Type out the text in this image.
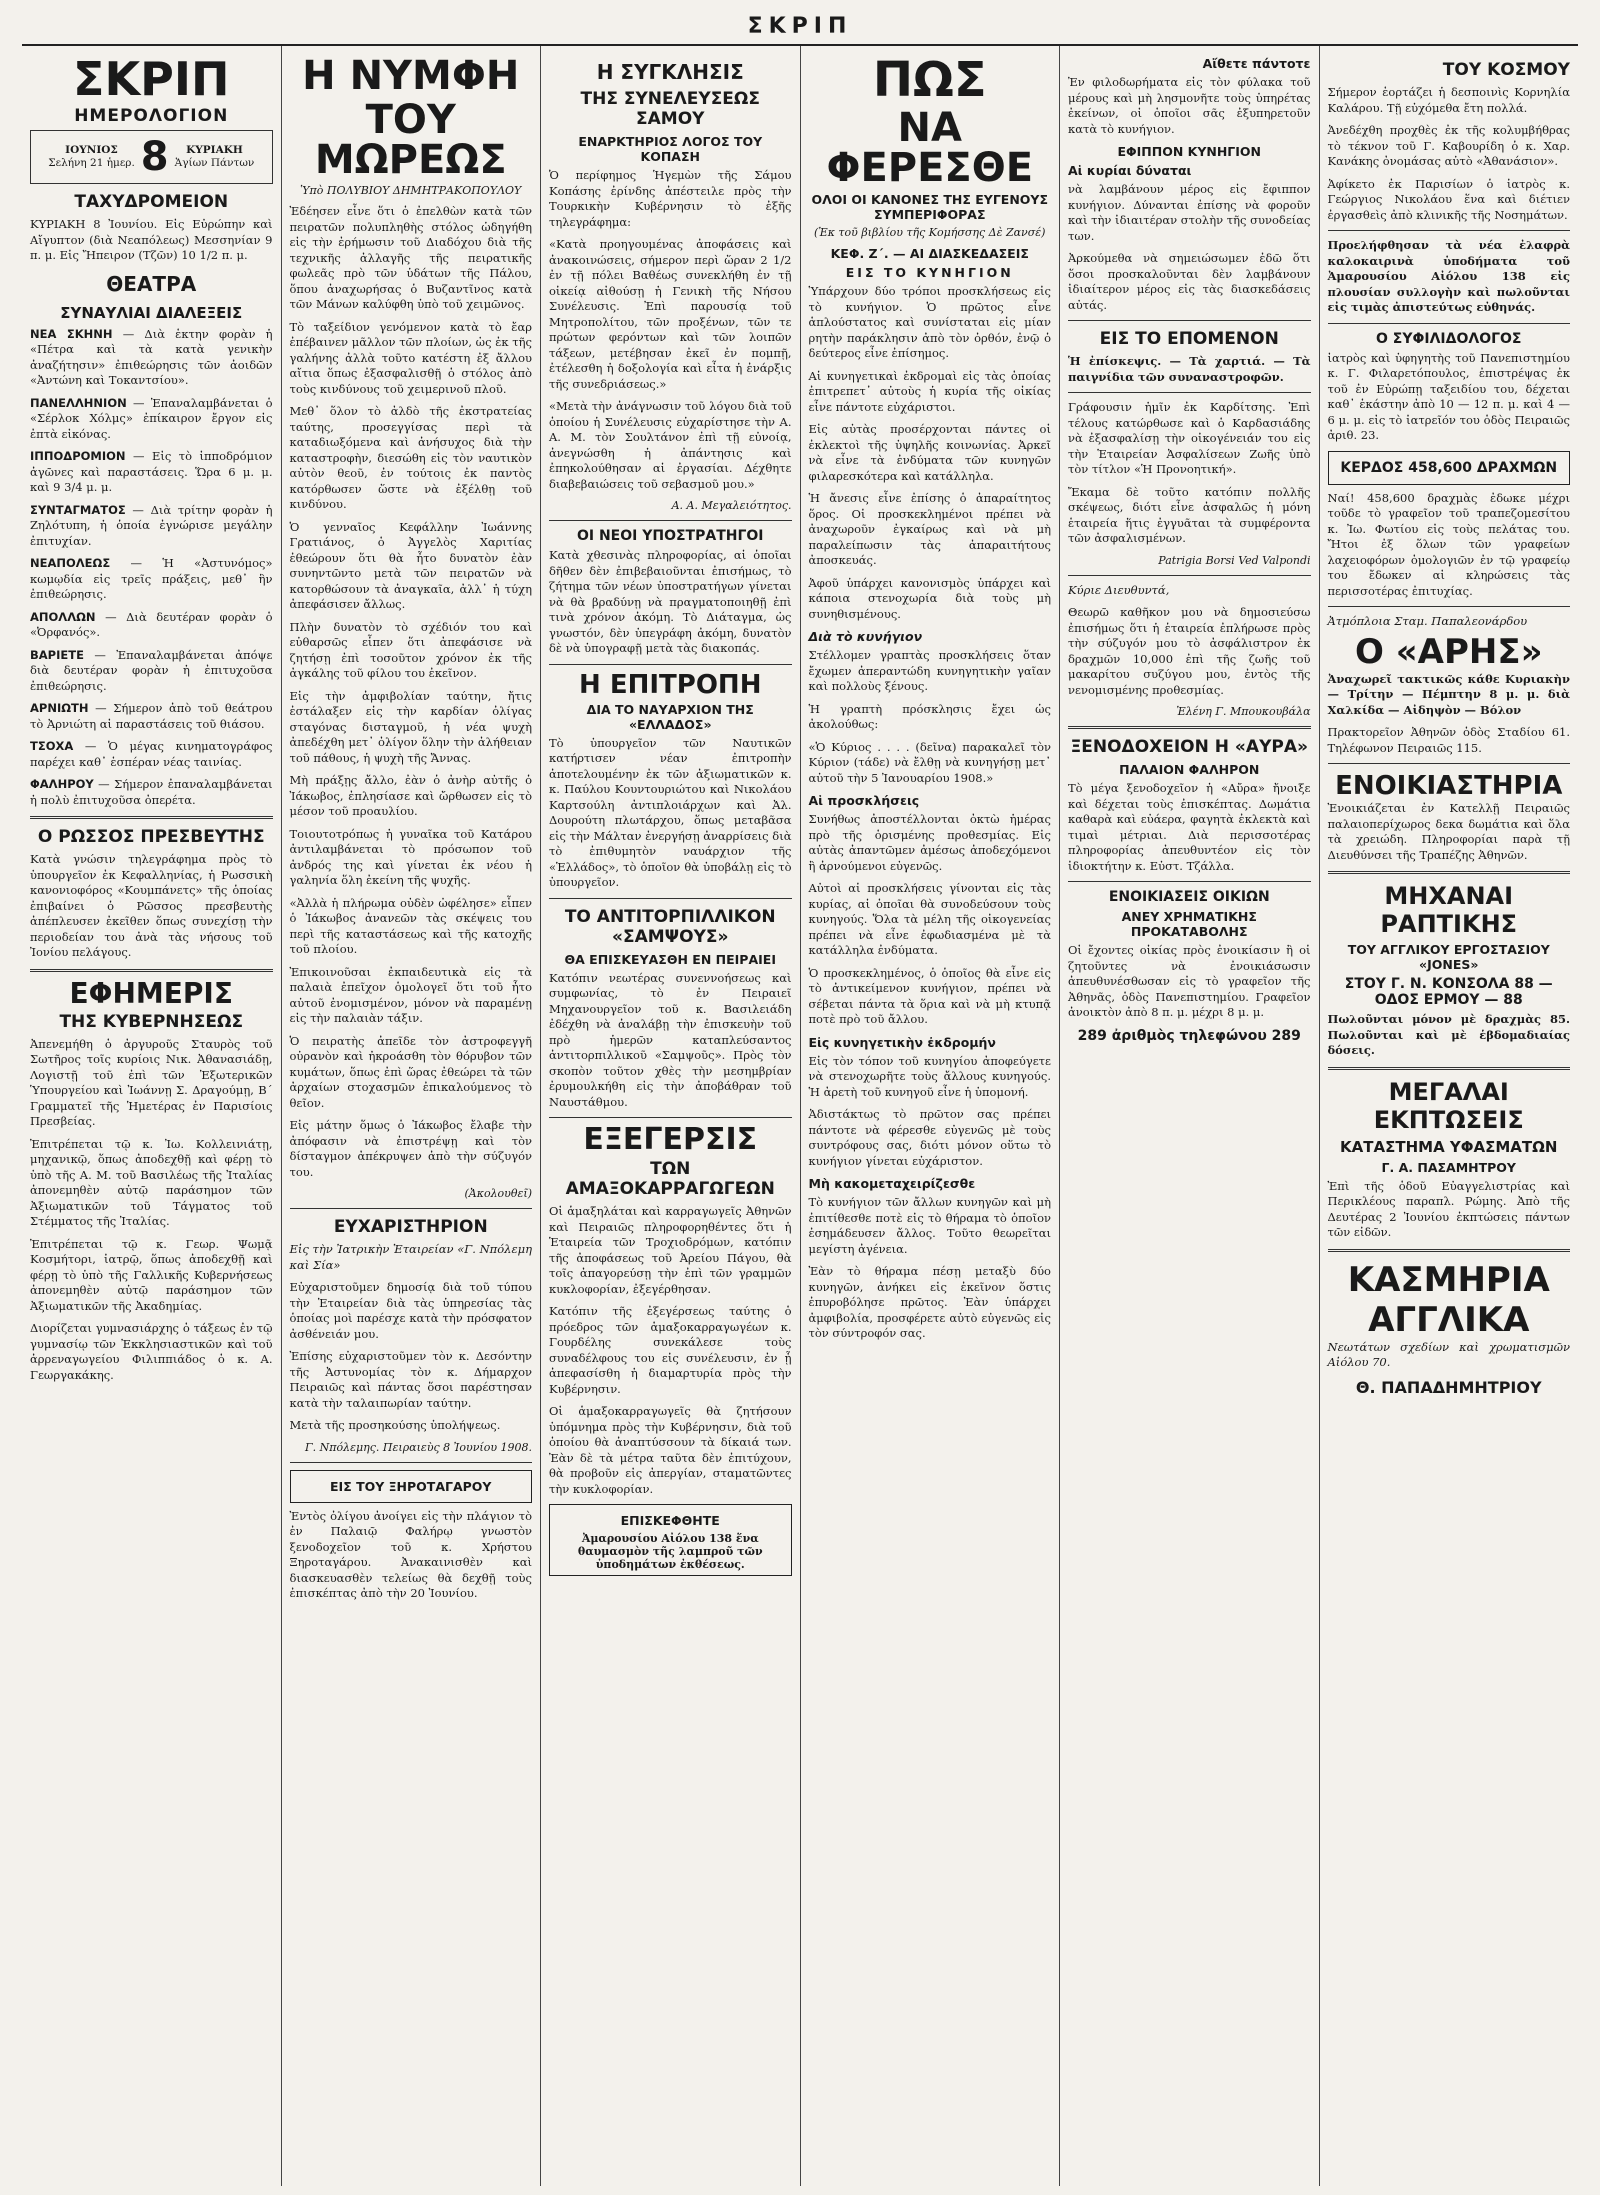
ΣΚΡΙΠ
ΣΚΡΙΠ
ΗΜΕΡΟΛΟΓΙΟΝ
ΙΟΥΝΙΟΣ
Σελήνη 21 ἡμερ. 8	ΚΥΡΙΑΚΗ
Ἁγίων Πάντων
ΤΑΧΥΔΡΟΜΕΙΟΝ

ΚΥΡΙΑΚΗ 8 Ἰουνίου. Εἰς Εὐρώπην καὶ Αἴγυπτον (διὰ Νεαπόλεως) Μεσσηνίαν 9 π. μ. Εἰς Ἤπειρον (Τζῶν) 10 1/2 π. μ.

ΘΕΑΤΡΑ
ΣΥΝΑΥΛΙΑΙ ΔΙΑΛΕΞΕΙΣ

ΝΕΑ ΣΚΗΝΗ — Διὰ ἑκτην φορὰν ἡ «Πέτρα καὶ τὰ κατὰ γενικὴν ἀναζήτησιν» ἐπιθεώρησις τῶν ἀοιδῶν «Ἀντώνη καὶ Τοκαντσίου».

ΠΑΝΕΛΛΗΝΙΟΝ — Ἐπαναλαμβάνεται ὁ «Σέρλοκ Χόλμς» ἐπίκαιρον ἔργον εἰς ἐπτὰ εἰκόνας.

ΙΠΠΟΔΡΟΜΙΟΝ — Εἰς τὸ ἱπποδρόμιον ἀγῶνες καὶ παραστάσεις. Ὥρα 6 μ. μ. καὶ 9 3/4 μ. μ.

ΣΥΝΤΑΓΜΑΤΟΣ — Διὰ τρίτην φορὰν ἡ Ζηλότυπη, ἡ ὁποία ἐγνώρισε μεγάλην ἐπιτυχίαν.

ΝΕΑΠΟΛΕΩΣ — Ἡ «Ἀστυνόμος» κωμῳδία εἰς τρεῖς πράξεις, μεθ᾽ ἣν ἐπιθεώρησις.

ΑΠΟΛΛΩΝ — Διὰ δευτέραν φορὰν ὁ «Ὀρφανός».

ΒΑΡΙΕΤΕ — Ἐπαναλαμβάνεται ἀπόψε διὰ δευτέραν φορὰν ἡ ἐπιτυχοῦσα ἐπιθεώρησις.

ΑΡΝΙΩΤΗ — Σήμερον ἀπὸ τοῦ θεάτρου τὸ Ἀρνιώτη αἱ παραστάσεις τοῦ θιάσου.

ΤΣΟΧΑ — Ὁ μέγας κινηματογράφος παρέχει καθ᾽ ἑσπέραν νέας ταινίας.

ΦΑΛΗΡΟΥ — Σήμερον ἐπαναλαμβάνεται ἡ πολὺ ἐπιτυχοῦσα ὀπερέτα.

Ο ΡΩΣΣΟΣ ΠΡΕΣΒΕΥΤΗΣ

Κατὰ γνώσιν τηλεγράφημα πρὸς τὸ ὑπουργεῖον ἐκ Κεφαλληνίας, ἡ Ρωσσικὴ κανονιοφόρος «Κουμπάνετς» τῆς ὁποίας ἐπιβαίνει ὁ Ρῶσσος πρεσβευτὴς ἀπέπλευσεν ἐκεῖθεν ὅπως συνεχίσῃ τὴν περιοδείαν του ἀνὰ τὰς νήσους τοῦ Ἰονίου πελάγους.

ΕΦΗΜΕΡΙΣ
ΤΗΣ ΚΥΒΕΡΝΗΣΕΩΣ

Ἀπενεμήθη ὁ ἀργυροῦς Σταυρὸς τοῦ Σωτῆρος τοῖς κυρίοις Νικ. Ἀθανασιάδῃ, Λογιστῇ τοῦ ἐπὶ τῶν Ἐξωτερικῶν Ὑπουργείου καὶ Ἰωάννῃ Σ. Δραγούμῃ, Β´ Γραμματεῖ τῆς Ἡμετέρας ἐν Παρισίοις Πρεσβείας.

Ἐπιτρέπεται τῷ κ. Ἰω. Κολλεινιάτῃ, μηχανικῷ, ὅπως ἀποδεχθῇ καὶ φέρῃ τὸ ὑπὸ τῆς Α. Μ. τοῦ Βασιλέως τῆς Ἰταλίας ἀπονεμηθὲν αὐτῷ παράσημον τῶν Ἀξιωματικῶν τοῦ Τάγματος τοῦ Στέμματος τῆς Ἰταλίας.

Ἐπιτρέπεται τῷ κ. Γεωρ. Ψωμᾷ Κοσμήτορι, ἰατρῷ, ὅπως ἀποδεχθῇ καὶ φέρῃ τὸ ὑπὸ τῆς Γαλλικῆς Κυβερνήσεως ἀπονεμηθὲν αὐτῷ παράσημον τῶν Ἀξιωματικῶν τῆς Ἀκαδημίας.

Διορίζεται γυμνασιάρχης ὁ τάξεως ἐν τῷ γυμνασίῳ τῶν Ἐκκλησιαστικῶν καὶ τοῦ ἀρρεναγωγείου Φιλιππιάδος ὁ κ. Α. Γεωργακάκης.

Η ΝΥΜΦΗ
ΤΟΥ ΜΩΡΕΩΣ
Ὑπὸ ΠΟΛΥΒΙΟΥ ΔΗΜΗΤΡΑΚΟΠΟΥΛΟΥ

Ἐδέησεν εἶνε ὅτι ὁ ἐπελθὼν κατὰ τῶν πειρατῶν πολυπληθὴς στόλος ὡδηγήθη εἰς τὴν ἐρήμωσιν τοῦ Διαδόχου διὰ τῆς τεχνικῆς ἀλλαγῆς τῆς πειρατικῆς φωλεᾶς πρὸ τῶν ὑδάτων τῆς Πάλου, ὅπου ἀναχωρήσας ὁ Βυζαντῖνος κατὰ τῶν Μάνων καλύφθη ὑπὸ τοῦ χειμῶνος.

Τὸ ταξείδιον γενόμενον κατὰ τὸ ἔαρ ἐπέβαινεν μᾶλλον τῶν πλοίων, ὡς ἐκ τῆς γαλήνης ἀλλὰ τοῦτο κατέστη ἐξ ἄλλου αἴτια ὅπως ἐξασφαλισθῇ ὁ στόλος ἀπὸ τοὺς κινδύνους τοῦ χειμερινοῦ πλοῦ.

Μεθ᾽ ὅλον τὸ ἀλδὸ τῆς ἐκστρατείας ταύτης, προσεγγίσας περὶ τὰ καταδιωξόμενα καὶ ἀνήσυχος διὰ τὴν καταστροφὴν, διεσώθη εἰς τὸν ναυτικὸν αὐτὸν θεοῦ, ἐν τούτοις ἐκ παντὸς κατόρθωσεν ὥστε νὰ ἐξέλθῃ τοῦ κινδύνου.

Ὁ γενναῖος Κεφάλλην Ἰωάννης Γρατιάνος, ὁ Ἀγγελὸς Χαριτίας ἐθεώρουν ὅτι θὰ ἦτο δυνατὸν ἐὰν συνηντῶντο μετὰ τῶν πειρατῶν νὰ κατορθώσουν τὰ ἀναγκαῖα, ἀλλ᾽ ἡ τύχη ἀπεφάσισεν ἄλλως.

Πλὴν δυνατὸν τὸ σχέδιόν του καὶ εὐθαρσῶς εἶπεν ὅτι ἀπεφάσισε νὰ ζητήσῃ ἐπὶ τοσοῦτον χρόνον ἐκ τῆς ἀγκάλης τοῦ φίλου του ἐκεῖνον.

Εἰς τὴν ἀμφιβολίαν ταύτην, ἤτις ἐστάλαξεν εἰς τὴν καρδίαν ὀλίγας σταγόνας δισταγμοῦ, ἡ νέα ψυχὴ ἀπεδέχθη μετ᾽ ὀλίγον ὅλην τὴν ἀλήθειαν τοῦ πάθους, ἡ ψυχὴ τῆς Ἄννας.

Μὴ πράξῃς ἄλλο, ἐὰν ὁ ἀνὴρ αὐτῆς ὁ Ἰάκωβος, ἐπλησίασε καὶ ὤρθωσεν εἰς τὸ μέσον τοῦ προαυλίου.

Τοιουτοτρόπως ἡ γυναῖκα τοῦ Κατάρου ἀντιλαμβάνεται τὸ πρόσωπον τοῦ ἀνδρός της καὶ γίνεται ἐκ νέου ἡ γαληνία ὅλη ἐκείνη τῆς ψυχῆς.

«Ἀλλὰ ἡ πλήρωμα οὐδὲν ὠφέλησε» εἶπεν ὁ Ἰάκωβος ἀνανεῶν τὰς σκέψεις του περὶ τῆς καταστάσεως καὶ τῆς κατοχῆς τοῦ πλοίου.

Ἐπικοινοῦσαι ἐκπαιδευτικὰ εἰς τὰ παλαιὰ ἐπεῖχον ὁμολογεῖ ὅτι τοῦ ἦτο αὐτοῦ ἐνομισμένον, μόνον νὰ παραμένῃ εἰς τὴν παλαιὰν τάξιν.

Ὁ πειρατὴς ἀπεῖδε τὸν ἀστροφεγγῆ οὐρανὸν καὶ ἠκροάσθη τὸν θόρυβον τῶν κυμάτων, ὅπως ἐπὶ ὥρας ἐθεώρει τὰ τῶν ἀρχαίων στοχασμῶν ἐπικαλούμενος τὸ θεῖον.

Εἰς μάτην ὅμως ὁ Ἰάκωβος ἔλαβε τὴν ἀπόφασιν νὰ ἐπιστρέψῃ καὶ τὸν δίσταγμον ἀπέκρυψεν ἀπὸ τὴν σύζυγόν του.

(Ἀκολουθεῖ)
ΕΥΧΑΡΙΣΤΗΡΙΟΝ

Εἰς τὴν Ἰατρικὴν Ἑταιρείαν «Γ. Νπόλεμη καὶ Σία»

Εὐχαριστοῦμεν δημοσίᾳ διὰ τοῦ τύπου τὴν Ἑταιρείαν διὰ τὰς ὑπηρεσίας τὰς ὁποίας μοὶ παρέσχε κατὰ τὴν πρόσφατον ἀσθένειάν μου.

Ἐπίσης εὐχαριστοῦμεν τὸν κ. Δεσόντην τῆς Ἀστυνομίας τὸν κ. Δήμαρχον Πειραιῶς καὶ πάντας ὅσοι παρέστησαν κατὰ τὴν ταλαιπωρίαν ταύτην.

Μετὰ τῆς προσηκούσης ὑπολήψεως.

Γ. Νπόλεμης. Πειραιεὺς 8 Ἰουνίου 1908.
ΕΙΣ ΤΟΥ ΞΗΡΟΤΑΓΑΡΟΥ

Ἐντὸς ὀλίγου ἀνοίγει εἰς τὴν πλάγιον τὸ ἐν Παλαιῷ Φαλήρῳ γνωστὸν ξενοδοχεῖον τοῦ κ. Χρήστου Ξηροταγάρου. Ἀνακαινισθὲν καὶ διασκευασθὲν τελείως θὰ δεχθῇ τοὺς ἐπισκέπτας ἀπὸ τὴν 20 Ἰουνίου.

Η ΣΥΓΚΛΗΣΙΣ
ΤΗΣ ΣΥΝΕΛΕΥΣΕΩΣ ΣΑΜΟΥ
ΕΝΑΡΚΤΗΡΙΟΣ ΛΟΓΟΣ ΤΟΥ ΚΟΠΑΣΗ

Ὁ περίφημος Ἡγεμὼν τῆς Σάμου Κοπάσης ἐρίνδης ἀπέστειλε πρὸς τὴν Τουρκικὴν Κυβέρνησιν τὸ ἐξῆς τηλεγράφημα:

«Κατὰ προηγουμένας ἀποφάσεις καὶ ἀνακοινώσεις, σήμερον περὶ ὥραν 2 1/2 ἐν τῇ πόλει Βαθέως συνεκλήθη ἐν τῇ οἰκείᾳ αἰθούσῃ ἡ Γενικὴ τῆς Νήσου Συνέλευσις. Ἐπὶ παρουσίᾳ τοῦ Μητροπολίτου, τῶν προξένων, τῶν τε πρώτων φερόντων καὶ τῶν λοιπῶν τάξεων, μετέβησαν ἐκεῖ ἐν πομπῇ, ἐτέλεσθη ἡ δοξολογία καὶ εἶτα ἡ ἐνάρξις τῆς συνεδριάσεως.»

«Μετὰ τὴν ἀνάγνωσιν τοῦ λόγου διὰ τοῦ ὁποίου ἡ Συνέλευσις εὐχαρίστησε τὴν Α. Α. Μ. τὸν Σουλτάνον ἐπὶ τῇ εὐνοίᾳ, ἀνεγνώσθη ἡ ἀπάντησις καὶ ἐπηκολούθησαν αἱ ἐργασίαι. Δέχθητε διαβεβαιώσεις τοῦ σεβασμοῦ μου.»

Α. Α. Μεγαλειότητος.
ΟΙ ΝΕΟΙ ΥΠΟΣΤΡΑΤΗΓΟΙ

Κατὰ χθεσινὰς πληροφορίας, αἱ ὁποῖαι δῆθεν δὲν ἐπιβεβαιοῦνται ἐπισήμως, τὸ ζήτημα τῶν νέων ὑποστρατήγων γίνεται νὰ θὰ βραδύνῃ νὰ πραγματοποιηθῇ ἐπὶ τινὰ χρόνον ἀκόμη. Τὸ Διάταγμα, ὡς γνωστόν, δὲν ὑπεγράφη ἀκόμη, δυνατὸν δὲ νὰ ὑπογραφῇ μετὰ τὰς διακοπάς.

Η ΕΠΙΤΡΟΠΗ
ΔΙΑ ΤΟ ΝΑΥΑΡΧΙΟΝ ΤΗΣ «ΕΛΛΑΔΟΣ»

Τὸ ὑπουργεῖον τῶν Ναυτικῶν κατήρτισεν νέαν ἐπιτροπὴν ἀποτελουμένην ἐκ τῶν ἀξιωματικῶν κ. κ. Παύλου Κουντουριώτου καὶ Νικολάου Καρτσούλη ἀντιπλοιάρχων καὶ Ἀλ. Δουρούτη πλωτάρχου, ὅπως μεταβᾶσα εἰς τὴν Μάλταν ἐνεργήσῃ ἀναρρίσεις διὰ τὸ ἐπιθυμητὸν ναυάρχιον τῆς «Ἑλλάδος», τὸ ὁποῖον θὰ ὑποβάλῃ εἰς τὸ ὑπουργεῖον.

ΤΟ ΑΝΤΙΤΟΡΠΙΛΛΙΚΟΝ «ΣΑΜΨΟΥΣ»
ΘΑ ΕΠΙΣΚΕΥΑΣΘΗ ΕΝ ΠΕΙΡΑΙΕΙ

Κατόπιν νεωτέρας συνεννοήσεως καὶ συμφωνίας, τὸ ἐν Πειραιεῖ Μηχανουργεῖον τοῦ κ. Βασιλειάδη ἐδέχθη νὰ ἀναλάβῃ τὴν ἐπισκευὴν τοῦ πρὸ ἡμερῶν καταπλεύσαντος ἀντιτορπιλλικοῦ «Σαμψοῦς». Πρὸς τὸν σκοπὸν τοῦτον χθὲς τὴν μεσημβρίαν ἐρυμουλκήθη εἰς τὴν ἀποβάθραν τοῦ Ναυστάθμου.

ΕΞΕΓΕΡΣΙΣ
ΤΩΝ ΑΜΑΞΟΚΑΡΡΑΓΩΓΕΩΝ

Οἱ ἁμαξηλάται καὶ καρραγωγεῖς Ἀθηνῶν καὶ Πειραιῶς πληροφορηθέντες ὅτι ἡ Ἑταιρεία τῶν Τροχιοδρόμων, κατόπιν τῆς ἀποφάσεως τοῦ Ἀρείου Πάγου, θὰ τοῖς ἀπαγορεύσῃ τὴν ἐπὶ τῶν γραμμῶν κυκλοφορίαν, ἐξεγέρθησαν.

Κατόπιν τῆς ἐξεγέρσεως ταύτης ὁ πρόεδρος τῶν ἁμαξοκαρραγωγέων κ. Γουρδέλης συνεκάλεσε τοὺς συναδέλφους του εἰς συνέλευσιν, ἐν ᾗ ἀπεφασίσθη ἡ διαμαρτυρία πρὸς τὴν Κυβέρνησιν.

Οἱ ἁμαξοκαρραγωγεῖς θὰ ζητήσουν ὑπόμνημα πρὸς τὴν Κυβέρνησιν, διὰ τοῦ ὁποίου θὰ ἀναπτύσσουν τὰ δίκαιά των. Ἐὰν δὲ τὰ μέτρα ταῦτα δὲν ἐπιτύχουν, θὰ προβοῦν εἰς ἀπεργίαν, σταματῶντες τὴν κυκλοφορίαν.

ΕΠΙΣΚΕΦΘΗΤΕ
Ἀμαρουσίου Αἰόλου 138 ἕνα θαυμασμὸν τῆς λαμπροῦ τῶν ὑποδημάτων ἐκθέσεως.
ΠΩΣ
ΝΑ ΦΕΡΕΣΘΕ
ΟΛΟΙ ΟΙ ΚΑΝΟΝΕΣ ΤΗΣ ΕΥΓΕΝΟΥΣ ΣΥΜΠΕΡΙΦΟΡΑΣ
(Ἐκ τοῦ βιβλίου τῆς Κομήσσης Δὲ Ζανσέ)
ΚΕΦ. Ζ´. — ΑΙ ΔΙΑΣΚΕΔΑΣΕΙΣ
ΕΙΣ ΤΟ ΚΥΝΗΓΙΟΝ

Ὑπάρχουν δύο τρόποι προσκλήσεως εἰς τὸ κυνήγιον. Ὁ πρῶτος εἶνε ἁπλούστατος καὶ συνίσταται εἰς μίαν ρητὴν παράκλησιν ἀπὸ τὸν ὀρθόν, ἐνῷ ὁ δεύτερος εἶνε ἐπίσημος.

Αἱ κυνηγετικαὶ ἐκδρομαὶ εἰς τὰς ὁποίας ἐπιτρεπετ᾽ αὐτοὺς ἡ κυρία τῆς οἰκίας εἶνε πάντοτε εὐχάριστοι.

Εἰς αὐτὰς προσέρχονται πάντες οἱ ἐκλεκτοὶ τῆς ὑψηλῆς κοινωνίας. Ἀρκεῖ νὰ εἶνε τὰ ἐνδύματα τῶν κυνηγῶν φιλαρεσκότερα καὶ κατάλληλα.

Ἡ ἄνεσις εἶνε ἐπίσης ὁ ἀπαραίτητος ὅρος. Οἱ προσκεκλημένοι πρέπει νὰ ἀναχωροῦν ἐγκαίρως καὶ νὰ μὴ παραλείπωσιν τὰς ἀπαραιτήτους ἀποσκευάς.

Ἀφοῦ ὑπάρχει κανονισμὸς ὑπάρχει καὶ κάποια στενοχωρία διὰ τοὺς μὴ συνηθισμένους.

Διὰ τὸ κυνήγιον

Στέλλομεν γραπτὰς προσκλήσεις ὅταν ἔχωμεν ἀπεραντώδη κυνηγητικὴν γαῖαν καὶ πολλοὺς ξένους.

Ἡ γραπτὴ πρόσκλησις ἔχει ὡς ἀκολούθως:

«Ὁ Κύριος . . . . (δεῖνα) παρακαλεῖ τὸν Κύριον (τάδε) νὰ ἔλθῃ νὰ κυνηγήσῃ μετ᾽ αὐτοῦ τὴν 5 Ἰανουαρίου 1908.»

Αἱ προσκλήσεις

Συνήθως ἀποστέλλονται ὀκτὼ ἡμέρας πρὸ τῆς ὁρισμένης προθεσμίας. Εἰς αὐτὰς ἀπαντῶμεν ἀμέσως ἀποδεχόμενοι ἢ ἀρνούμενοι εὐγενῶς.

Αὐτοὶ αἱ προσκλήσεις γίνονται εἰς τὰς κυρίας, αἱ ὁποῖαι θὰ συνοδεύσουν τοὺς κυνηγούς. Ὅλα τὰ μέλη τῆς οἰκογενείας πρέπει νὰ εἶνε ἐφωδιασμένα μὲ τὰ κατάλληλα ἐνδύματα.

Ὁ προσκεκλημένος, ὁ ὁποῖος θὰ εἶνε εἰς τὸ ἀντικείμενον κυνήγιον, πρέπει νὰ σέβεται πάντα τὰ ὅρια καὶ νὰ μὴ κτυπᾷ ποτὲ πρὸ τοῦ ἄλλου.

Εἰς κυνηγετικὴν ἐκδρομήν

Εἰς τὸν τόπον τοῦ κυνηγίου ἀποφεύγετε νὰ στενοχωρῆτε τοὺς ἄλλους κυνηγούς. Ἡ ἀρετὴ τοῦ κυνηγοῦ εἶνε ἡ ὑπομονή.

Ἀδιστάκτως τὸ πρῶτον σας πρέπει πάντοτε νὰ φέρεσθε εὐγενῶς μὲ τοὺς συντρόφους σας, διότι μόνον οὕτω τὸ κυνήγιον γίνεται εὐχάριστον.

Μὴ κακομεταχειρίζεσθε

Τὸ κυνήγιον τῶν ἄλλων κυνηγῶν καὶ μὴ ἐπιτίθεσθε ποτὲ εἰς τὸ θήραμα τὸ ὁποῖον ἐσημάδευσεν ἄλλος. Τοῦτο θεωρεῖται μεγίστη ἀγένεια.

Ἐὰν τὸ θήραμα πέσῃ μεταξὺ δύο κυνηγῶν, ἀνήκει εἰς ἐκεῖνον ὅστις ἐπυροβόλησε πρῶτος. Ἐὰν ὑπάρχει ἀμφιβολία, προσφέρετε αὐτὸ εὐγενῶς εἰς τὸν σύντροφόν σας.

Αἴθετε πάντοτε

Ἐν φιλοδωρήματα εἰς τὸν φύλακα τοῦ μέρους καὶ μὴ λησμονῆτε τοὺς ὑπηρέτας ἐκείνων, οἱ ὁποῖοι σᾶς ἐξυπηρετοῦν κατὰ τὸ κυνήγιον.

ΕΦΙΠΠΟΝ ΚΥΝΗΓΙΟΝ
Αἱ κυρίαι δύναται

νὰ λαμβάνουν μέρος εἰς ἔφιππον κυνήγιον. Δύνανται ἐπίσης νὰ φοροῦν καὶ τὴν ἰδιαιτέραν στολὴν τῆς συνοδείας των.

Ἀρκούμεθα νὰ σημειώσωμεν ἐδῶ ὅτι ὅσοι προσκαλοῦνται δὲν λαμβάνουν ἰδιαίτερον μέρος εἰς τὰς διασκεδάσεις αὐτάς.

ΕΙΣ ΤΟ ΕΠΟΜΕΝΟΝ

Ἡ ἐπίσκεψις. — Τὰ χαρτιά. — Τὰ παιγνίδια τῶν συναναστροφῶν.

Γράφουσιν ἡμῖν ἐκ Καρδίτσης. Ἐπὶ τέλους κατώρθωσε καὶ ὁ Καρδασιάδης νὰ ἐξασφαλίσῃ τὴν οἰκογένειάν του εἰς τὴν Ἑταιρείαν Ἀσφαλίσεων Ζωῆς ὑπὸ τὸν τίτλον «Ἡ Προνοητική».

Ἔκαμα δὲ τοῦτο κατόπιν πολλῆς σκέψεως, διότι εἶνε ἀσφαλῶς ἡ μόνη ἑταιρεία ἥτις ἐγγυᾶται τὰ συμφέροντα τῶν ἀσφαλισμένων.

Patrigia Borsi Ved Valpondi

Κύριε Διευθυντά,

Θεωρῶ καθῆκον μου νὰ δημοσιεύσω ἐπισήμως ὅτι ἡ ἑταιρεία ἐπλήρωσε πρὸς τὴν σύζυγόν μου τὸ ἀσφάλιστρον ἐκ δραχμῶν 10,000 ἐπὶ τῆς ζωῆς τοῦ μακαρίτου συζύγου μου, ἐντὸς τῆς νενομισμένης προθεσμίας.

Ἐλένη Γ. Μπουκουβάλα
ΞΕΝΟΔΟΧΕΙΟΝ Η «ΑΥΡΑ»
ΠΑΛΑΙΟΝ ΦΑΛΗΡΟΝ

Τὸ μέγα ξενοδοχεῖον ἡ «Αὔρα» ἤνοιξε καὶ δέχεται τοὺς ἐπισκέπτας. Δωμάτια καθαρὰ καὶ εὐάερα, φαγητὰ ἐκλεκτὰ καὶ τιμαὶ μέτριαι. Διὰ περισσοτέρας πληροφορίας ἀπευθυντέον εἰς τὸν ἰδιοκτήτην κ. Εὐστ. Τζάλλα.

ΕΝΟΙΚΙΑΣΕΙΣ ΟΙΚΙΩΝ
ΑΝΕΥ ΧΡΗΜΑΤΙΚΗΣ ΠΡΟΚΑΤΑΒΟΛΗΣ

Οἱ ἔχοντες οἰκίας πρὸς ἐνοικίασιν ἢ οἱ ζητοῦντες νὰ ἐνοικιάσωσιν ἀπευθυνέσθωσαν εἰς τὸ γραφεῖον τῆς Ἀθηνᾶς, ὁδὸς Πανεπιστημίου. Γραφεῖον ἀνοικτὸν ἀπὸ 8 π. μ. μέχρι 8 μ. μ.

289 ἀριθμὸς τηλεφώνου 289
ΤΟΥ ΚΟΣΜΟΥ

Σήμερον ἑορτάζει ἡ δεσποινὶς Κορνηλία Καλάρου. Τῇ εὐχόμεθα ἔτη πολλά.

Ἀνεδέχθη προχθὲς ἐκ τῆς κολυμβήθρας τὸ τέκνον τοῦ Γ. Καβουρίδη ὁ κ. Χαρ. Κανάκης ὀνομάσας αὐτὸ «Ἀθανάσιον».

Ἀφίκετο ἐκ Παρισίων ὁ ἰατρὸς κ. Γεώργιος Νικολάου ἕνα καὶ διέτιεν ἐργασθεὶς ἀπὸ κλινικῆς τῆς Νοσημάτων.

Προελήφθησαν τὰ νέα ἐλαφρὰ καλοκαιρινὰ ὑποδήματα τοῦ Ἀμαρουσίου Αἰόλου 138 εἰς πλουσίαν συλλογὴν καὶ πωλοῦνται εἰς τιμὰς ἀπιστεύτως εὐθηνάς.

Ο ΣΥΦΙΛΙΔΟΛΟΓΟΣ

ἰατρὸς καὶ ὑφηγητὴς τοῦ Πανεπιστημίου κ. Γ. Φιλαρετόπουλος, ἐπιστρέψας ἐκ τοῦ ἐν Εὐρώπῃ ταξειδίου του, δέχεται καθ᾽ ἑκάστην ἀπὸ 10 — 12 π. μ. καὶ 4 — 6 μ. μ. εἰς τὸ ἰατρεῖόν του ὁδὸς Πειραιῶς ἀριθ. 23.

ΚΕΡΔΟΣ 458,600 ΔΡΑΧΜΩΝ

Ναί! 458,600 δραχμὰς ἐδωκε μέχρι τοῦδε τὸ γραφεῖον τοῦ τραπεζομεσίτου κ. Ἰω. Φωτίου εἰς τοὺς πελάτας του. Ἤτοι ἐξ ὅλων τῶν γραφείων λαχειοφόρων ὁμολογιῶν ἐν τῷ γραφείῳ του ἔδωκεν αἱ κληρώσεις τὰς περισσοτέρας ἐπιτυχίας.

Ἀτμόπλοια Σταμ. Παπαλεονάρδου

Ο «ΑΡΗΣ»

Ἀναχωρεῖ τακτικῶς κάθε Κυριακὴν — Τρίτην — Πέμπτην 8 μ. μ. διὰ Χαλκίδα — Αἰδηψὸν — Βόλον

Πρακτορεῖον Ἀθηνῶν ὁδὸς Σταδίου 61. Τηλέφωνον Πειραιῶς 115.

ΕΝΟΙΚΙΑΣΤΗΡΙΑ

Ἐνοικιάζεται ἐν Κατελλῇ Πειραιῶς παλαιοπερίχωρος δεκα δωμάτια καὶ ὅλα τὰ χρειώδη. Πληροφορίαι παρὰ τῇ Διευθύνσει τῆς Τραπέζης Ἀθηνῶν.

ΜΗΧΑΝΑΙ ΡΑΠΤΙΚΗΣ
ΤΟΥ ΑΓΓΛΙΚΟΥ ΕΡΓΟΣΤΑΣΙΟΥ «JONES»
ΣΤΟΥ Γ. Ν. ΚΟΝΣΟΛΑ 88 — ΟΔΟΣ ΕΡΜΟΥ — 88

Πωλοῦνται μόνον μὲ δραχμὰς 85. Πωλοῦνται καὶ μὲ ἑβδομαδιαίας δόσεις.

ΜΕΓΑΛΑΙ ΕΚΠΤΩΣΕΙΣ
ΚΑΤΑΣΤΗΜΑ ΥΦΑΣΜΑΤΩΝ
Γ. Α. ΠΑΣΑΜΗΤΡΟΥ

Ἐπὶ τῆς ὁδοῦ Εὐαγγελιστρίας καὶ Περικλέους παραπλ. Ρώμης. Ἀπὸ τῆς Δευτέρας 2 Ἰουνίου ἐκπτώσεις πάντων τῶν εἰδῶν.

ΚΑΣΜΗΡΙΑ
ΑΓΓΛΙΚΑ

Νεωτάτων σχεδίων καὶ χρωματισμῶν Αἰόλου 70.

Θ. ΠΑΠΑΔΗΜΗΤΡΙΟΥ
